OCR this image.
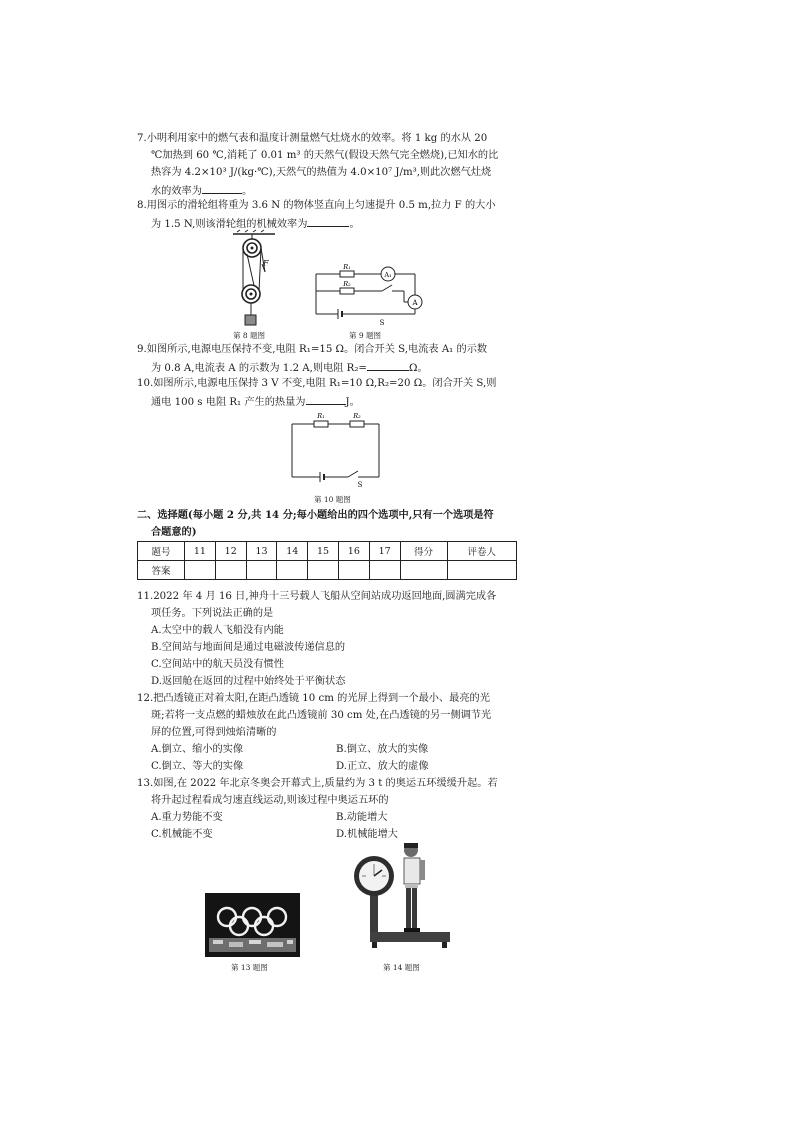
7.小明利用家中的燃气表和温度计测量燃气灶烧水的效率。将 1 kg 的水从 20

℃加热到 60 ℃,消耗了 0.01 m³ 的天然气(假设天然气完全燃烧),已知水的比

热容为 4.2×10³ J/(kg·℃),天然气的热值为 4.0×10⁷ J/m³,则此次燃气灶烧

水的效率为	。

8.用图示的滑轮组将重为 3.6 N 的物体竖直向上匀速提升 0.5 m,拉力 F 的大小

为 1.5 N,则该滑轮组的机械效率为	。

F
第 8 题图
A₁
R₁
R₂
A
S
第 9 题图

9.如图所示,电源电压保持不变,电阻 R₁=15 Ω。闭合开关 S,电流表 A₁ 的示数

为 0.8 A,电流表 A 的示数为 1.2 A,则电阻 R₂=	Ω。

10.如图所示,电源电压保持 3 V 不变,电阻 R₁=10 Ω,R₂=20 Ω。闭合开关 S,则

通电 100 s 电阻 R₁ 产生的热量为	J。

R₁	R₂
S
第 10 题图

二、选择题(每小题 2 分,共 14 分;每小题给出的四个选项中,只有一个选项是符

合题意的)

题号	11	12	13	14	15	16	17	得分	评卷人
答案									

11.2022 年 4 月 16 日,神舟十三号载人飞船从空间站成功返回地面,圆满完成各

项任务。下列说法正确的是

A.太空中的载人飞船没有内能

B.空间站与地面间是通过电磁波传递信息的

C.空间站中的航天员没有惯性

D.返回舱在返回的过程中始终处于平衡状态

12.把凸透镜正对着太阳,在距凸透镜 10 cm 的光屏上得到一个最小、最亮的光

斑;若将一支点燃的蜡烛放在此凸透镜前 30 cm 处,在凸透镜的另一侧调节光

屏的位置,可得到烛焰清晰的

A.倒立、缩小的实像	B.倒立、放大的实像
C.倒立、等大的实像	D.正立、放大的虚像

13.如图,在 2022 年北京冬奥会开幕式上,质量约为 3 t 的奥运五环缓缓升起。若

将升起过程看成匀速直线运动,则该过程中奥运五环的

A.重力势能不变	B.动能增大
C.机械能不变	D.机械能增大
第 13 题图	第 14 题图
